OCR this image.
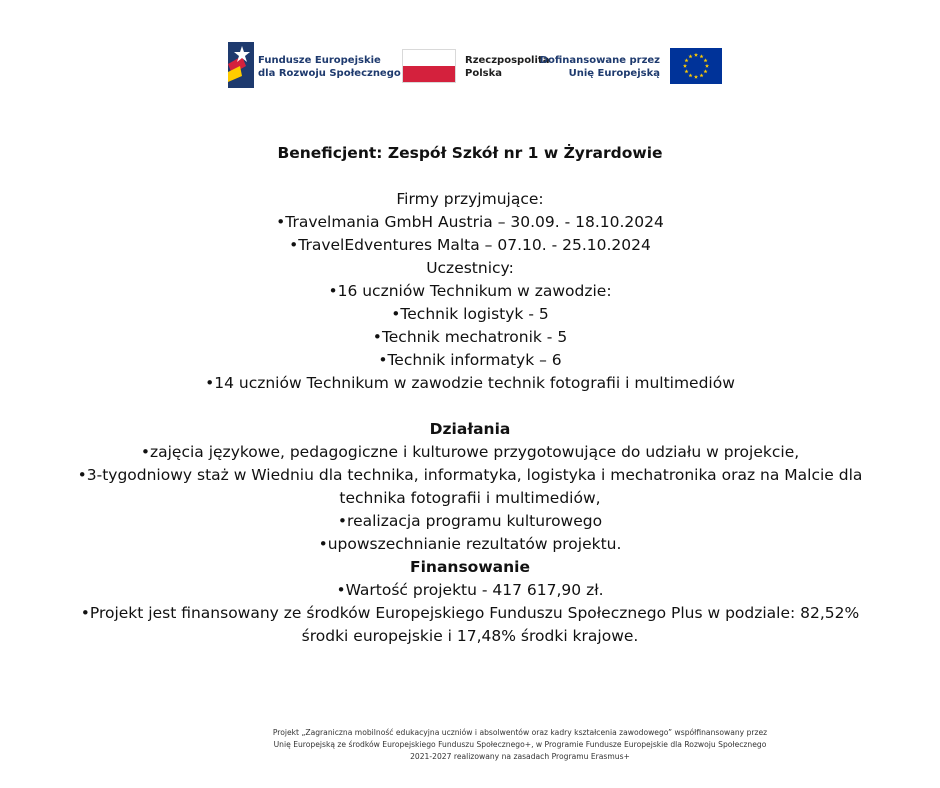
Fundusze Europejskie
dla Rozwoju Społecznego
Rzeczpospolita
Polska
Dofinansowane przez
Unię Europejską
Beneficjent: Zespół Szkół nr 1 w Żyrardowie
Firmy przyjmujące:
•Travelmania GmbH Austria – 30.09. - 18.10.2024
•TravelEdventures Malta – 07.10. - 25.10.2024
Uczestnicy:
•16 uczniów Technikum w zawodzie:
•Technik logistyk - 5
•Technik mechatronik - 5
•Technik informatyk – 6
•14 uczniów Technikum w zawodzie technik fotografii i multimediów
Działania
•zajęcia językowe, pedagogiczne i kulturowe przygotowujące do udziału w projekcie,
•3-tygodniowy staż w Wiedniu dla technika, informatyka, logistyka i mechatronika oraz na Malcie dla
technika fotografii i multimediów,
•realizacja programu kulturowego
•upowszechnianie rezultatów projektu.
Finansowanie
•Wartość projektu - 417 617,90 zł.
•Projekt jest finansowany ze środków Europejskiego Funduszu Społecznego Plus w podziale: 82,52%
środki europejskie i 17,48% środki krajowe.
Projekt „Zagraniczna mobilność edukacyjna uczniów i absolwentów oraz kadry kształcenia zawodowego” współfinansowany przez
Unię Europejską ze środków Europejskiego Funduszu Społecznego+, w Programie Fundusze Europejskie dla Rozwoju Społecznego
2021-2027 realizowany na zasadach Programu Erasmus+
